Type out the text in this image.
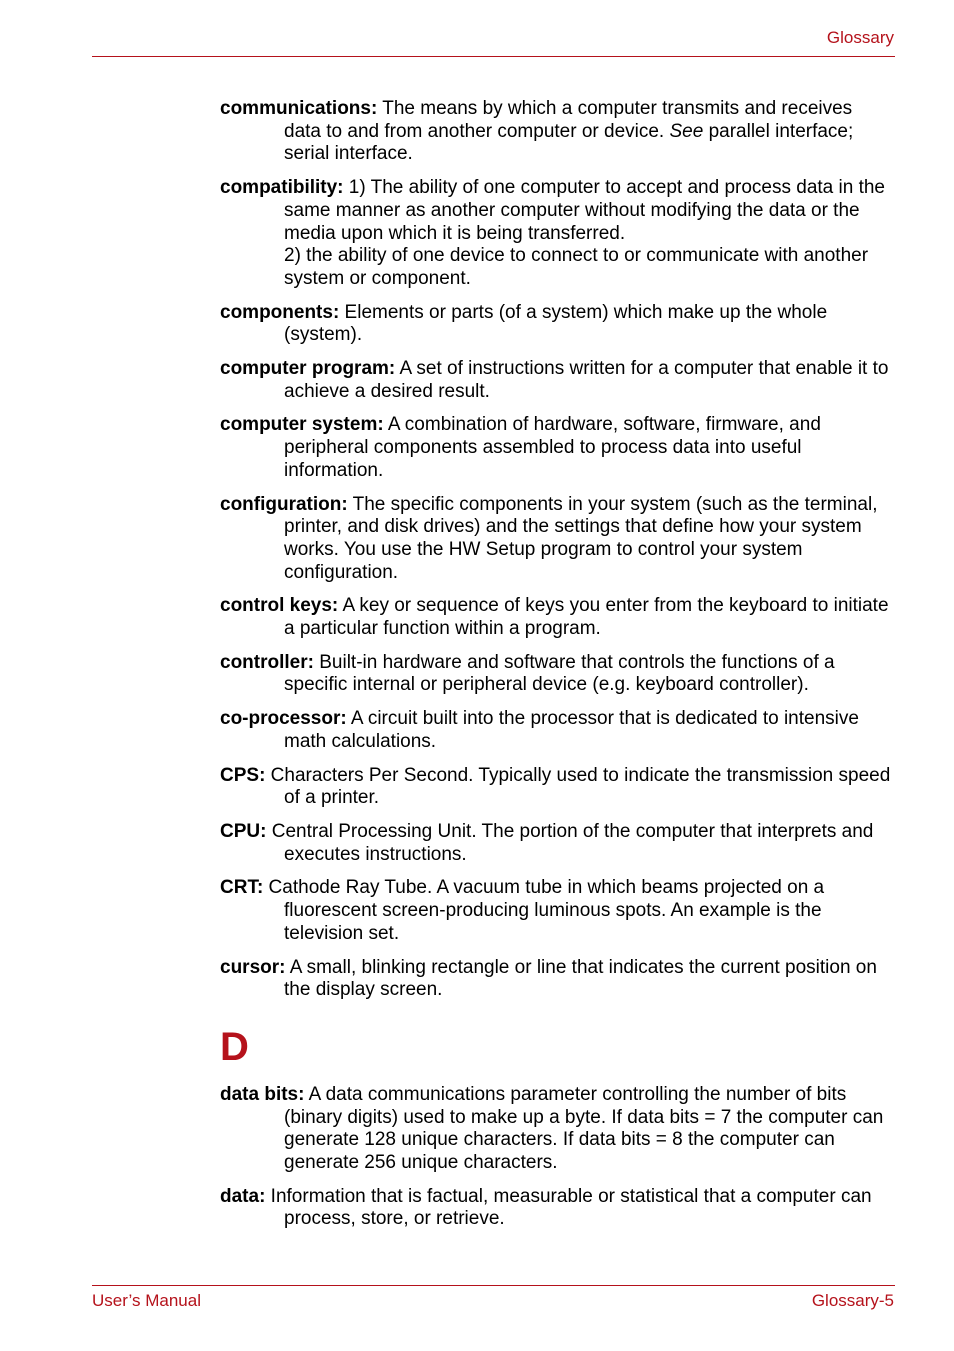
Glossary

communications: The means by which a computer transmits and receives data to and from another computer or device. See parallel interface; serial interface.

compatibility: 1) The ability of one computer to accept and process data in the same manner as another computer without modifying the data or the media upon which it is being transferred.
2) the ability of one device to connect to or communicate with another system or component.

components: Elements or parts (of a system) which make up the whole (system).

computer program: A set of instructions written for a computer that enable it to achieve a desired result.

computer system: A combination of hardware, software, firmware, and peripheral components assembled to process data into useful information.

configuration: The specific components in your system (such as the terminal, printer, and disk drives) and the settings that define how your system works. You use the HW Setup program to control your system configuration.

control keys: A key or sequence of keys you enter from the keyboard to initiate a particular function within a program.

controller: Built-in hardware and software that controls the functions of a specific internal or peripheral device (e.g. keyboard controller).

co-processor: A circuit built into the processor that is dedicated to intensive math calculations.

CPS: Characters Per Second. Typically used to indicate the transmission speed of a printer.

CPU: Central Processing Unit. The portion of the computer that interprets and executes instructions.

CRT: Cathode Ray Tube. A vacuum tube in which beams projected on a fluorescent screen-producing luminous spots. An example is the television set.

cursor: A small, blinking rectangle or line that indicates the current position on the display screen.

D

data bits: A data communications parameter controlling the number of bits (binary digits) used to make up a byte. If data bits = 7 the computer can generate 128 unique characters. If data bits = 8 the computer can generate 256 unique characters.

data: Information that is factual, measurable or statistical that a computer can process, store, or retrieve.

User’s Manual	Glossary-5
